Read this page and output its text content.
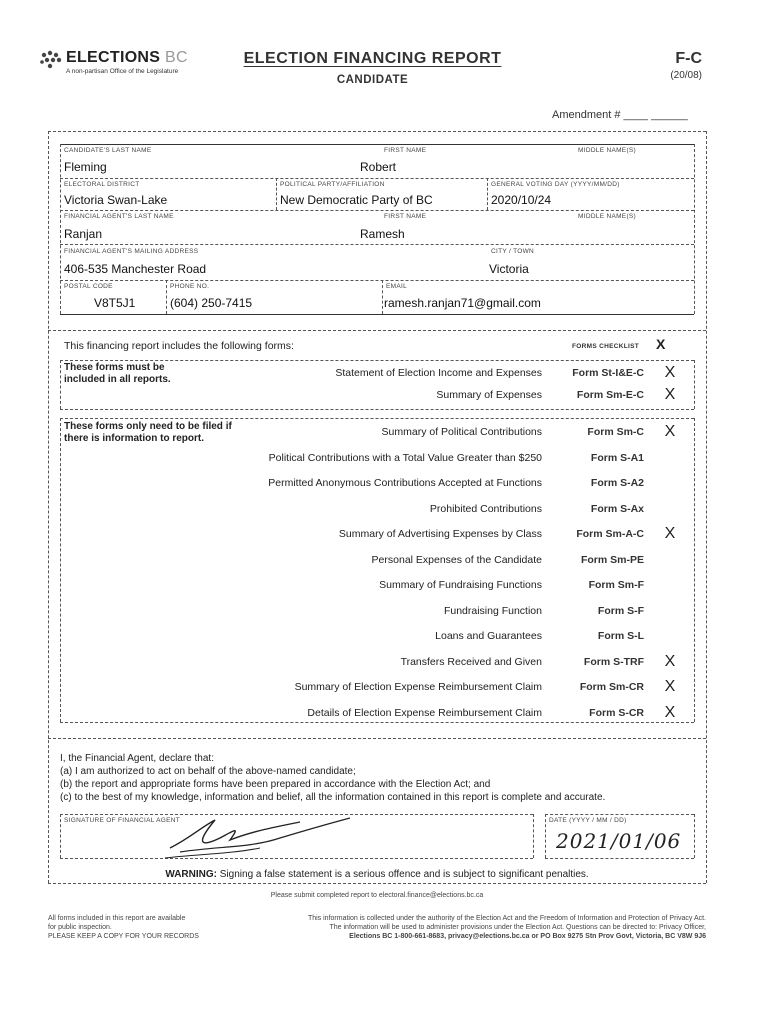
ELECTIONS BC
A non-partisan Office of the Legislature
ELECTION FINANCING REPORT
CANDIDATE
F-C
(20/08)
Amendment # ____ ______
CANDIDATE'S LAST NAME
Fleming
FIRST NAME
Robert
MIDDLE NAME(S)
ELECTORAL DISTRICT
Victoria Swan-Lake
POLITICAL PARTY/AFFILIATION
New Democratic Party of BC
GENERAL VOTING DAY (YYYY/MM/DD)
2020/10/24
FINANCIAL AGENT'S LAST NAME
Ranjan
FIRST NAME
Ramesh
MIDDLE NAME(S)
FINANCIAL AGENT'S MAILING ADDRESS
406-535 Manchester Road
CITY / TOWN
Victoria
POSTAL CODE
V8T5J1
PHONE NO.
(604) 250-7415
EMAIL
ramesh.ranjan71@gmail.com
This financing report includes the following forms:	FORMS CHECKLIST X
These forms must be included in all reports.
Statement of Election Income and Expenses	Form St-I&E-C X
Summary of Expenses	Form Sm-E-C X
These forms only need to be filed if there is information to report.
Summary of Political Contributions	Form Sm-C X
Political Contributions with a Total Value Greater than $250	Form S-A1
Permitted Anonymous Contributions Accepted at Functions	Form S-A2
Prohibited Contributions	Form S-Ax
Summary of Advertising Expenses by Class	Form Sm-A-C X
Personal Expenses of the Candidate	Form Sm-PE
Summary of Fundraising Functions	Form Sm-F
Fundraising Function	Form S-F
Loans and Guarantees	Form S-L
Transfers Received and Given	Form S-TRF X
Summary of Election Expense Reimbursement Claim	Form Sm-CR X
Details of Election Expense Reimbursement Claim	Form S-CR X
I, the Financial Agent, declare that:
(a) I am authorized to act on behalf of the above-named candidate;
(b) the report and appropriate forms have been prepared in accordance with the Election Act; and
(c) to the best of my knowledge, information and belief, all the information contained in this report is complete and accurate.
SIGNATURE OF FINANCIAL AGENT	DATE (YYYY / MM / DD)
2021/01/06
WARNING: Signing a false statement is a serious offence and is subject to significant penalties.
Please submit completed report to electoral.finance@elections.bc.ca
All forms included in this report are available
for public inspection.
PLEASE KEEP A COPY FOR YOUR RECORDS
This information is collected under the authority of the Election Act and the Freedom of Information and Protection of Privacy Act.
The information will be used to administer provisions under the Election Act. Questions can be directed to: Privacy Officer,
Elections BC 1-800-661-8683, privacy@elections.bc.ca or PO Box 9275 Stn Prov Govt, Victoria, BC V8W 9J6
